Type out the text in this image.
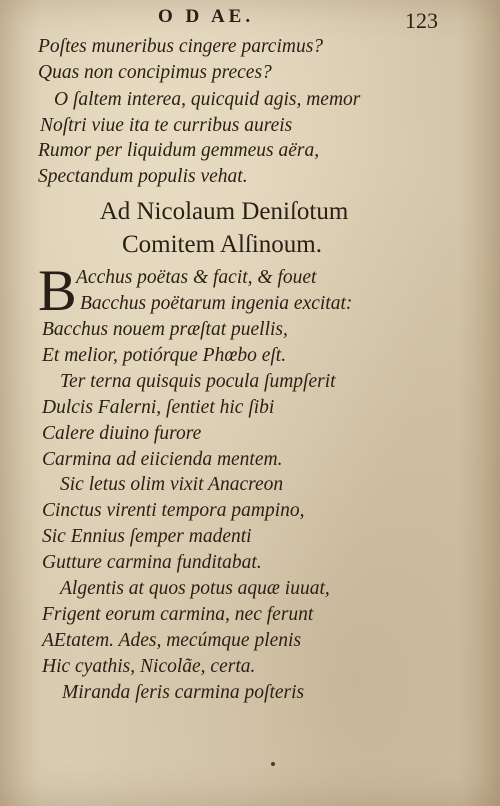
O D AE.	123
Poſtes muneribus cingere parcimus?
Quas non concipimus preces?
O ſaltem interea, quicquid agis, memor
Noſtri viue ita te curribus aureis
Rumor per liquidum gemmeus aëra,
Spectandum populis vehat.
Ad Nicolaum Deniſotum
Comitem Alſinoum.
B Acchus poëtas & facit, & fouet
Bacchus poëtarum ingenia excitat:
Bacchus nouem præſtat puellis,
Et melior, potiórque Phœbo eſt.
Ter terna quisquis pocula ſumpſerit
Dulcis Falerni, ſentiet hic ſibi
Calere diuino furore
Carmina ad eiicienda mentem.
Sic letus olim vixit Anacreon
Cinctus virenti tempora pampino,
Sic Ennius ſemper madenti
Gutture carmina funditabat.
Algentis at quos potus aquæ iuuat,
Frigent eorum carmina, nec ferunt
AEtatem. Ades, mecúmque plenis
Hic cyathis, Nicolãe, certa.
Miranda ſeris carmina poſteris
